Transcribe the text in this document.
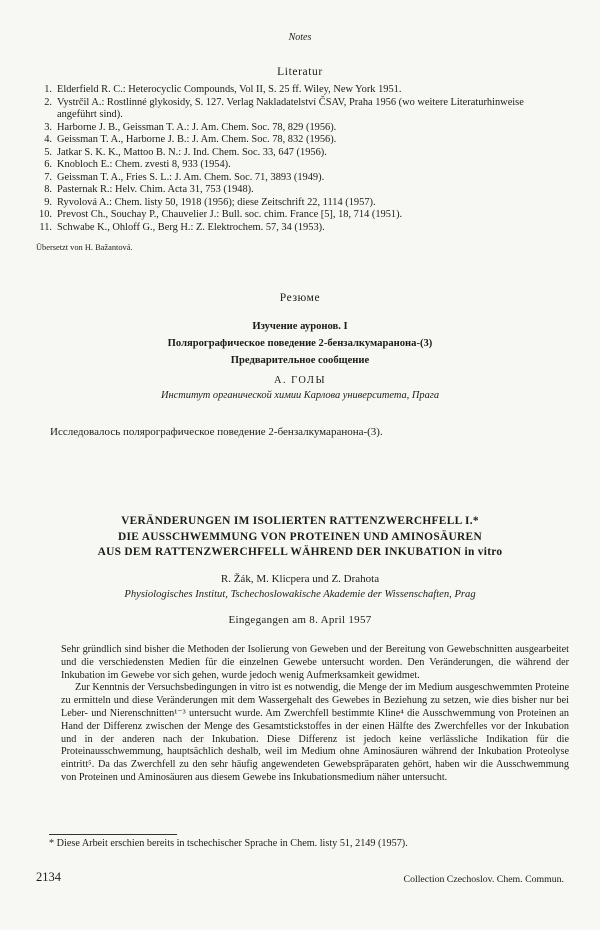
Notes
Literatur
1. Elderfield R. C.: Heterocyclic Compounds, Vol II, S. 25 ff. Wiley, New York 1951.
2. Vystrčil A.: Rostlinné glykosidy, S. 127. Verlag Nakladatelství ČSAV, Praha 1956 (wo weitere Literaturhinweise angeführt sind).
3. Harborne J. B., Geissman T. A.: J. Am. Chem. Soc. 78, 829 (1956).
4. Geissman T. A., Harborne J. B.: J. Am. Chem. Soc. 78, 832 (1956).
5. Jatkar S. K. K., Mattoo B. N.: J. Ind. Chem. Soc. 33, 647 (1956).
6. Knobloch E.: Chem. zvesti 8, 933 (1954).
7. Geissman T. A., Fries S. L.: J. Am. Chem. Soc. 71, 3893 (1949).
8. Pasternak R.: Helv. Chim. Acta 31, 753 (1948).
9. Ryvolová A.: Chem. listy 50, 1918 (1956); diese Zeitschrift 22, 1114 (1957).
10. Prevost Ch., Souchay P., Chauvelier J.: Bull. soc. chim. France [5], 18, 714 (1951).
11. Schwabe K., Ohloff G., Berg H.: Z. Elektrochem. 57, 34 (1953).
Übersetzt von H. Bažantová.
Резюме
Изучение ауронов. I
Полярографическое поведение 2-бензалкумаранона-(3)
Предварительное сообщение
А. ГОЛЫ
Институт органической химии Карлова университета, Прага
Исследовалось полярографическое поведение 2-бензалкумаранона-(3).
VERÄNDERUNGEN IM ISOLIERTEN RATTENZWERCHFELL I.*
DIE AUSSCHWEMMUNG VON PROTEINEN UND AMINOSÄUREN
AUS DEM RATTENZWERCHFELL WÄHREND DER INKUBATION in vitro
R. Žák, M. Klicpera und Z. Drahota
Physiologisches Institut, Tschechoslowakische Akademie der Wissenschaften, Prag
Eingegangen am 8. April 1957

Sehr gründlich sind bisher die Methoden der Isolierung von Geweben und der Bereitung von Gewebschnitten ausgearbeitet und die verschiedensten Medien für die einzelnen Gewebe untersucht worden. Den Veränderungen, die während der Inkubation im Gewebe vor sich gehen, wurde jedoch wenig Aufmerksamkeit gewidmet.

Zur Kenntnis der Versuchsbedingungen in vitro ist es notwendig, die Menge der im Medium ausgeschwemmten Proteine zu ermitteln und diese Veränderungen mit dem Wassergehalt des Gewebes in Beziehung zu setzen, wie dies bisher nur bei Leber- und Nierenschnitten¹⁻³ untersucht wurde. Am Zwerchfell bestimmte Kline⁴ die Ausschwemmung von Proteinen an Hand der Differenz zwischen der Menge des Gesamtstickstoffes in der einen Hälfte des Zwerchfelles vor der Inkubation und in der anderen nach der Inkubation. Diese Differenz ist jedoch keine verlässliche Indikation für die Proteinausschwemmung, hauptsächlich deshalb, weil im Medium ohne Aminosäuren während der Inkubation Proteolyse eintritt⁵. Da das Zwerchfell zu den sehr häufig angewendeten Gewebspräparaten gehört, haben wir die Ausschwemmung von Proteinen und Aminosäuren aus diesem Gewebe ins Inkubationsmedium näher untersucht.

* Diese Arbeit erschien bereits in tschechischer Sprache in Chem. listy 51, 2149 (1957).
2134	Collection Czechoslov. Chem. Commun.
